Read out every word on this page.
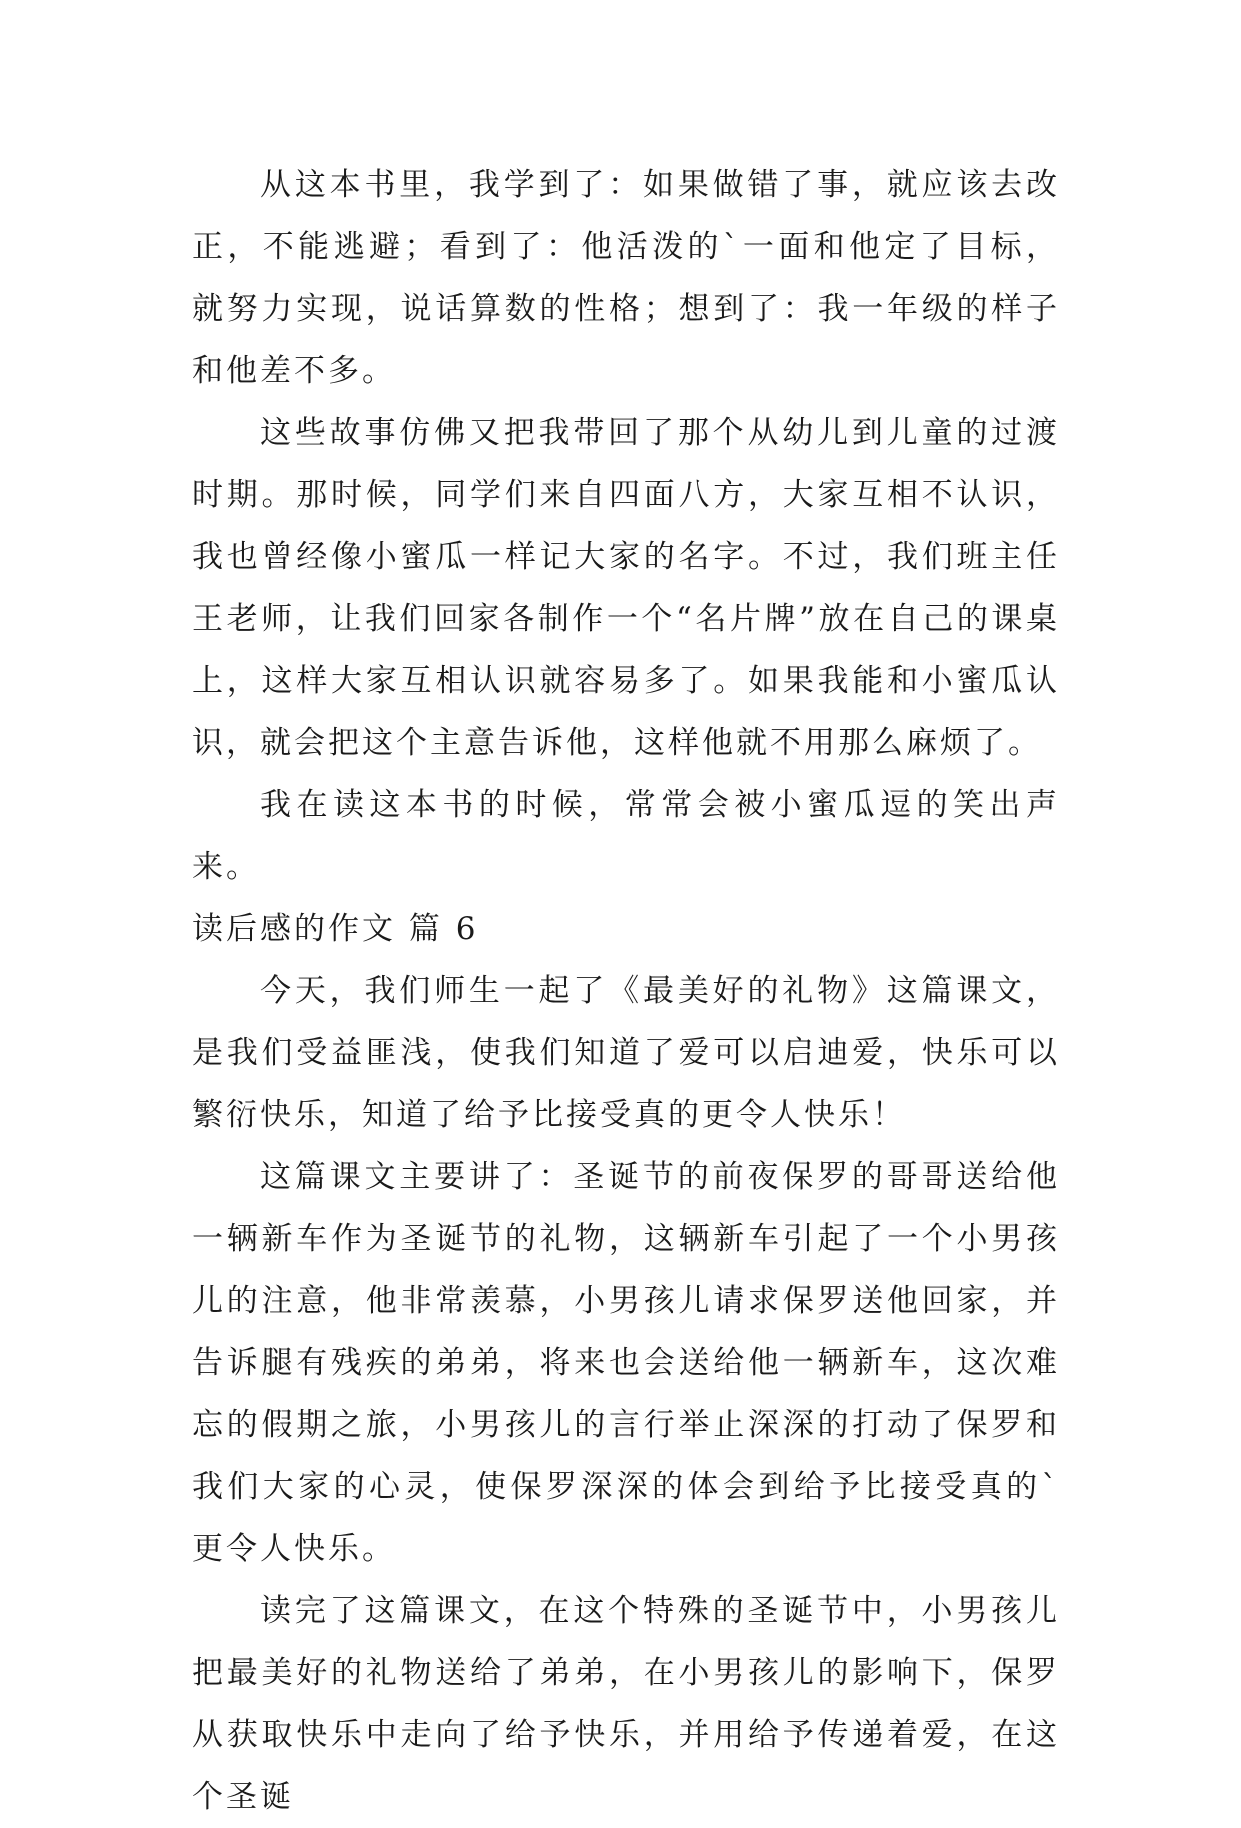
从这本书里，我学到了：如果做错了事，就应该去改正，不能逃避；看到了：他活泼的`一面和他定了目标，就努力实现，说话算数的性格；想到了：我一年级的样子和他差不多。

这些故事仿佛又把我带回了那个从幼儿到儿童的过渡时期。那时候，同学们来自四面八方，大家互相不认识，我也曾经像小蜜瓜一样记大家的名字。不过，我们班主任王老师，让我们回家各制作一个“名片牌”放在自己的课桌上，这样大家互相认识就容易多了。如果我能和小蜜瓜认识，就会把这个主意告诉他，这样他就不用那么麻烦了。

我在读这本书的时候，常常会被小蜜瓜逗的笑出声来。

读后感的作文 篇 6

今天，我们师生一起了《最美好的礼物》这篇课文，是我们受益匪浅，使我们知道了爱可以启迪爱，快乐可以繁衍快乐，知道了给予比接受真的更令人快乐！

这篇课文主要讲了：圣诞节的前夜保罗的哥哥送给他一辆新车作为圣诞节的礼物，这辆新车引起了一个小男孩儿的注意，他非常羡慕，小男孩儿请求保罗送他回家，并告诉腿有残疾的弟弟，将来也会送给他一辆新车，这次难忘的假期之旅，小男孩儿的言行举止深深的打动了保罗和我们大家的心灵，使保罗深深的体会到给予比接受真的`更令人快乐。

读完了这篇课文，在这个特殊的圣诞节中，小男孩儿把最美好的礼物送给了弟弟，在小男孩儿的影响下，保罗从获取快乐中走向了给予快乐，并用给予传递着爱，在这个圣诞
